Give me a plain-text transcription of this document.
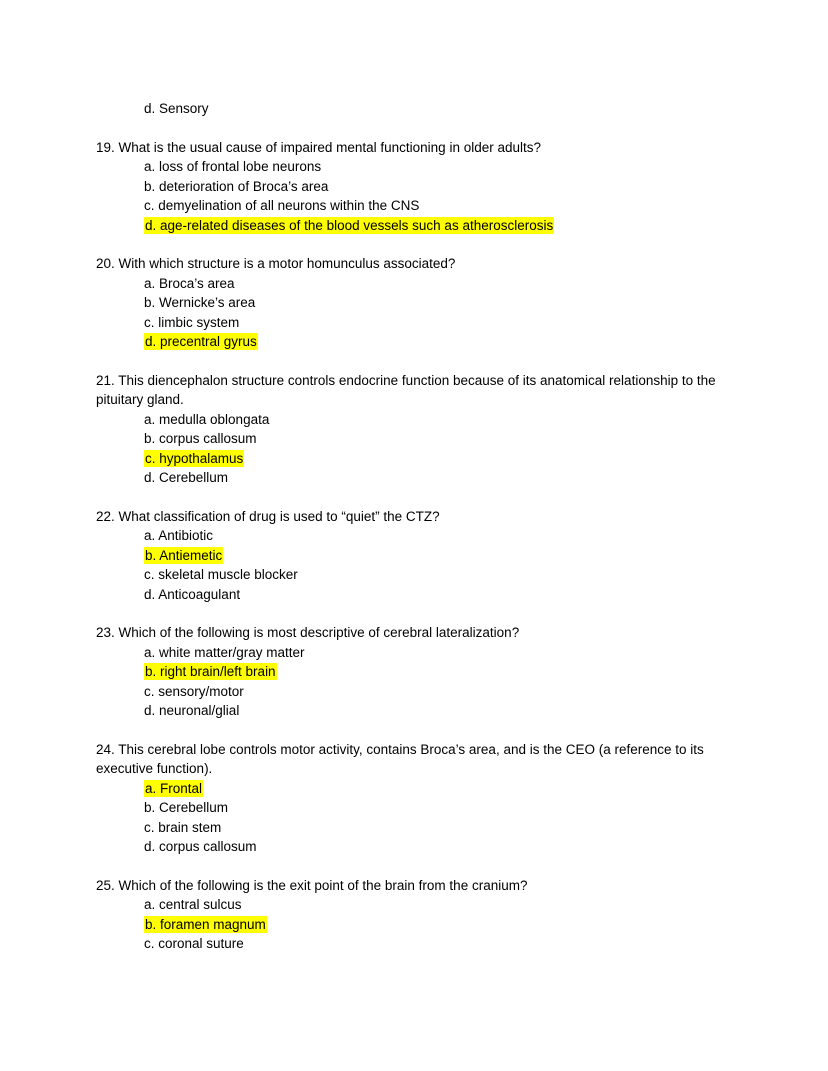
d. Sensory

19. What is the usual cause of impaired mental functioning in older adults?

a. loss of frontal lobe neurons

b. deterioration of Broca’s area

c. demyelination of all neurons within the CNS

d. age-related diseases of the blood vessels such as atherosclerosis

20. With which structure is a motor homunculus associated?

a. Broca’s area

b. Wernicke’s area

c. limbic system

d. precentral gyrus

21. This diencephalon structure controls endocrine function because of its anatomical relationship to the pituitary gland.

a. medulla oblongata

b. corpus callosum

c. hypothalamus

d. Cerebellum

22. What classification of drug is used to “quiet” the CTZ?

a. Antibiotic

b. Antiemetic

c. skeletal muscle blocker

d. Anticoagulant

23. Which of the following is most descriptive of cerebral lateralization?

a. white matter/gray matter

b. right brain/left brain

c. sensory/motor

d. neuronal/glial

24. This cerebral lobe controls motor activity, contains Broca’s area, and is the CEO (a reference to its executive function).

a. Frontal

b. Cerebellum

c. brain stem

d. corpus callosum

25. Which of the following is the exit point of the brain from the cranium?

a. central sulcus

b. foramen magnum

c. coronal suture
